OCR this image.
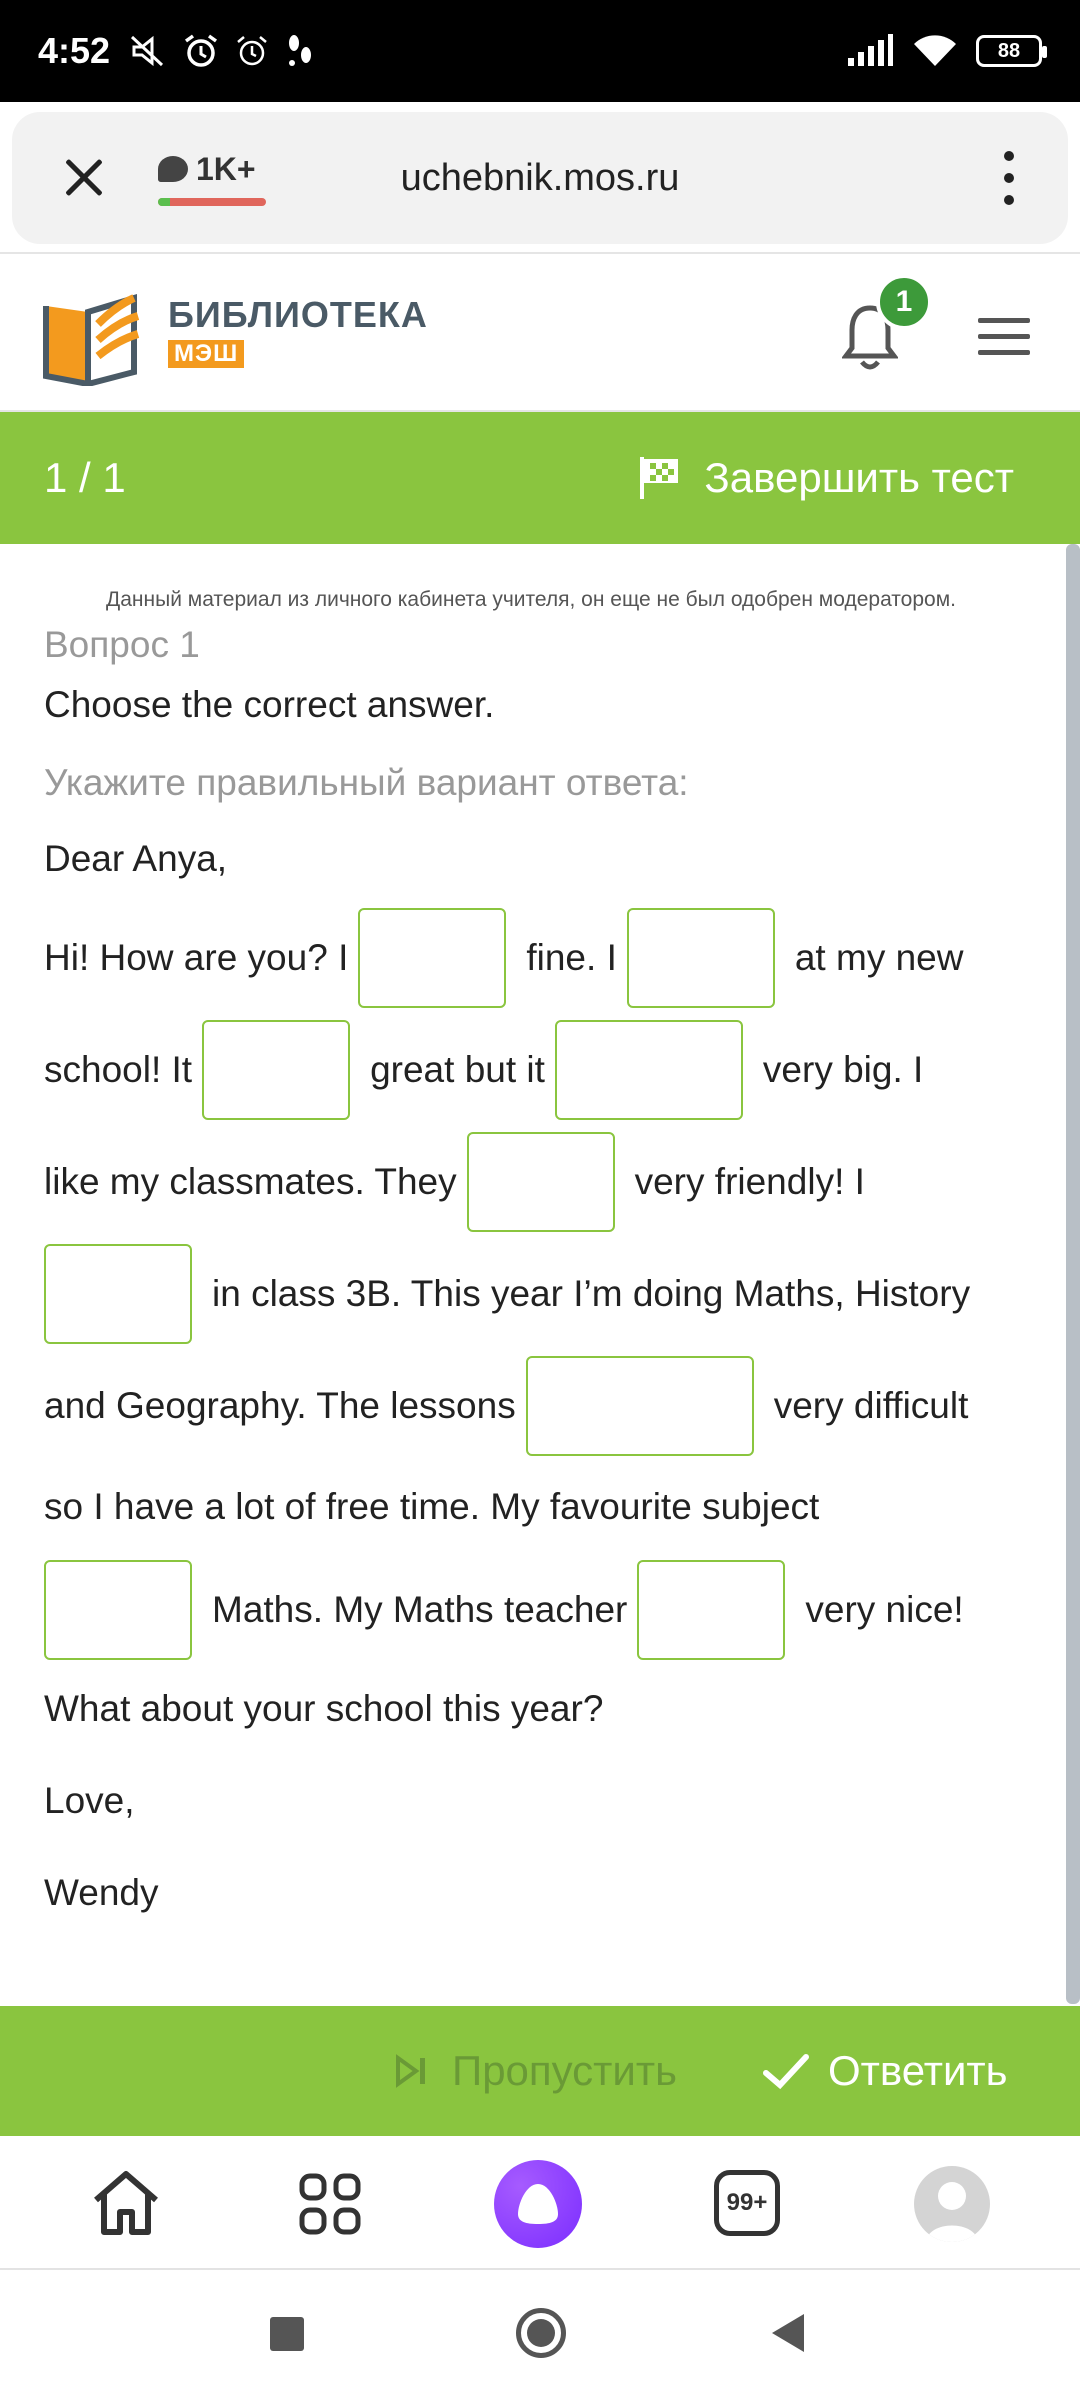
4:52	88
1K+	uchebnik.mos.ru
БИБЛИОТЕКА
МЭШ
1
1 / 1	Завершить тест
Данный материал из личного кабинета учителя, он еще не был одобрен модератором.
Вопрос 1
Choose the correct answer.
Укажите правильный вариант ответа:
Dear Anya,
Hi! How are you? I	fine. I	at my new
school! It	great but it	very big. I
like my classmates. They	very friendly! I
in class 3B. This year I’m doing Maths, History
and Geography. The lessons	very difficult
so I have a lot of free time. My favourite subject
Maths. My Maths teacher	very nice!
What about your school this year?
Love,
Wendy
Пропустить	Ответить
99+
